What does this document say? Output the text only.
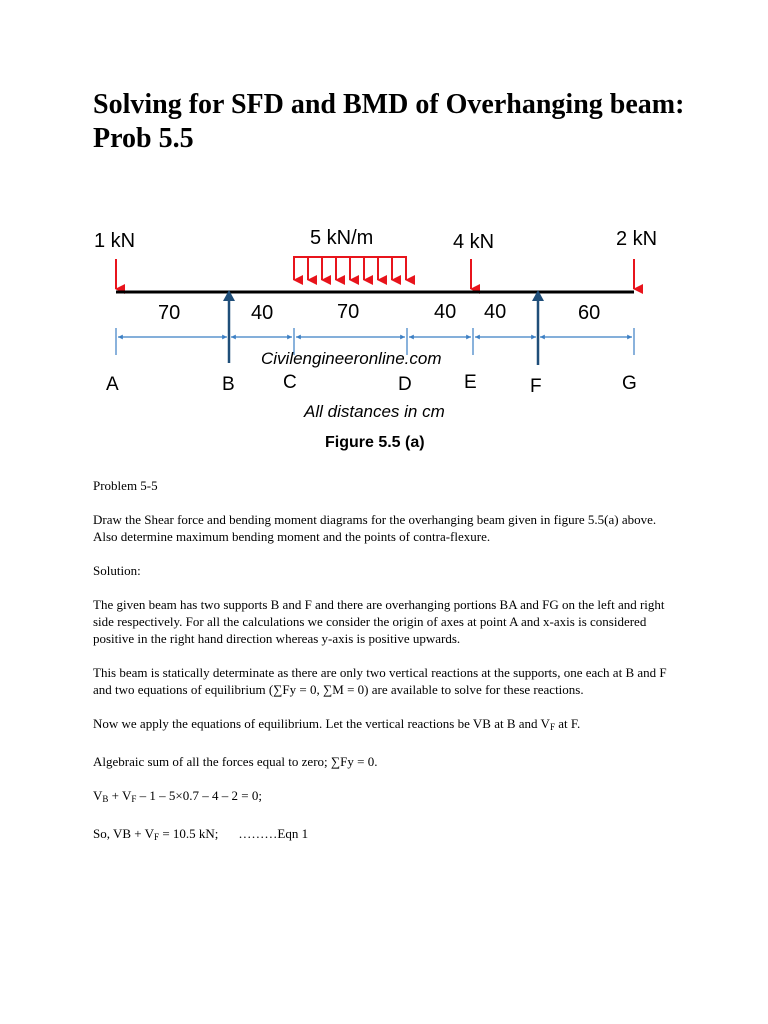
Solving for SFD and BMD of Overhanging beam: Prob 5.5
1 kN	5 kN/m	4 kN	2 kN
70	40	70	40 40	60
Civilengineeronline.com
A	B	C	D	E	F	G
All distances in cm
Figure 5.5 (a)

Problem 5-5

Draw the Shear force and bending moment diagrams for the overhanging beam given in figure 5.5(a) above. Also determine maximum bending moment and the points of contra-flexure.

Solution:

The given beam has two supports B and F and there are overhanging portions BA and FG on the left and right side respectively. For all the calculations we consider the origin of axes at point A and x-axis is considered positive in the right hand direction whereas y-axis is positive upwards.

This beam is statically determinate as there are only two vertical reactions at the supports, one each at B and F and two equations of equilibrium (∑Fy = 0, ∑M = 0) are available to solve for these reactions.

Now we apply the equations of equilibrium. Let the vertical reactions be VB at B and $V_F$ at F.

Algebraic sum of all the forces equal to zero; ∑Fy = 0.

$V_B + V_F - 1 - 5\times 0.7 - 4 - 2 = 0$;

So, VB + $V_F = 10.5$ kN; ………Eqn 1
